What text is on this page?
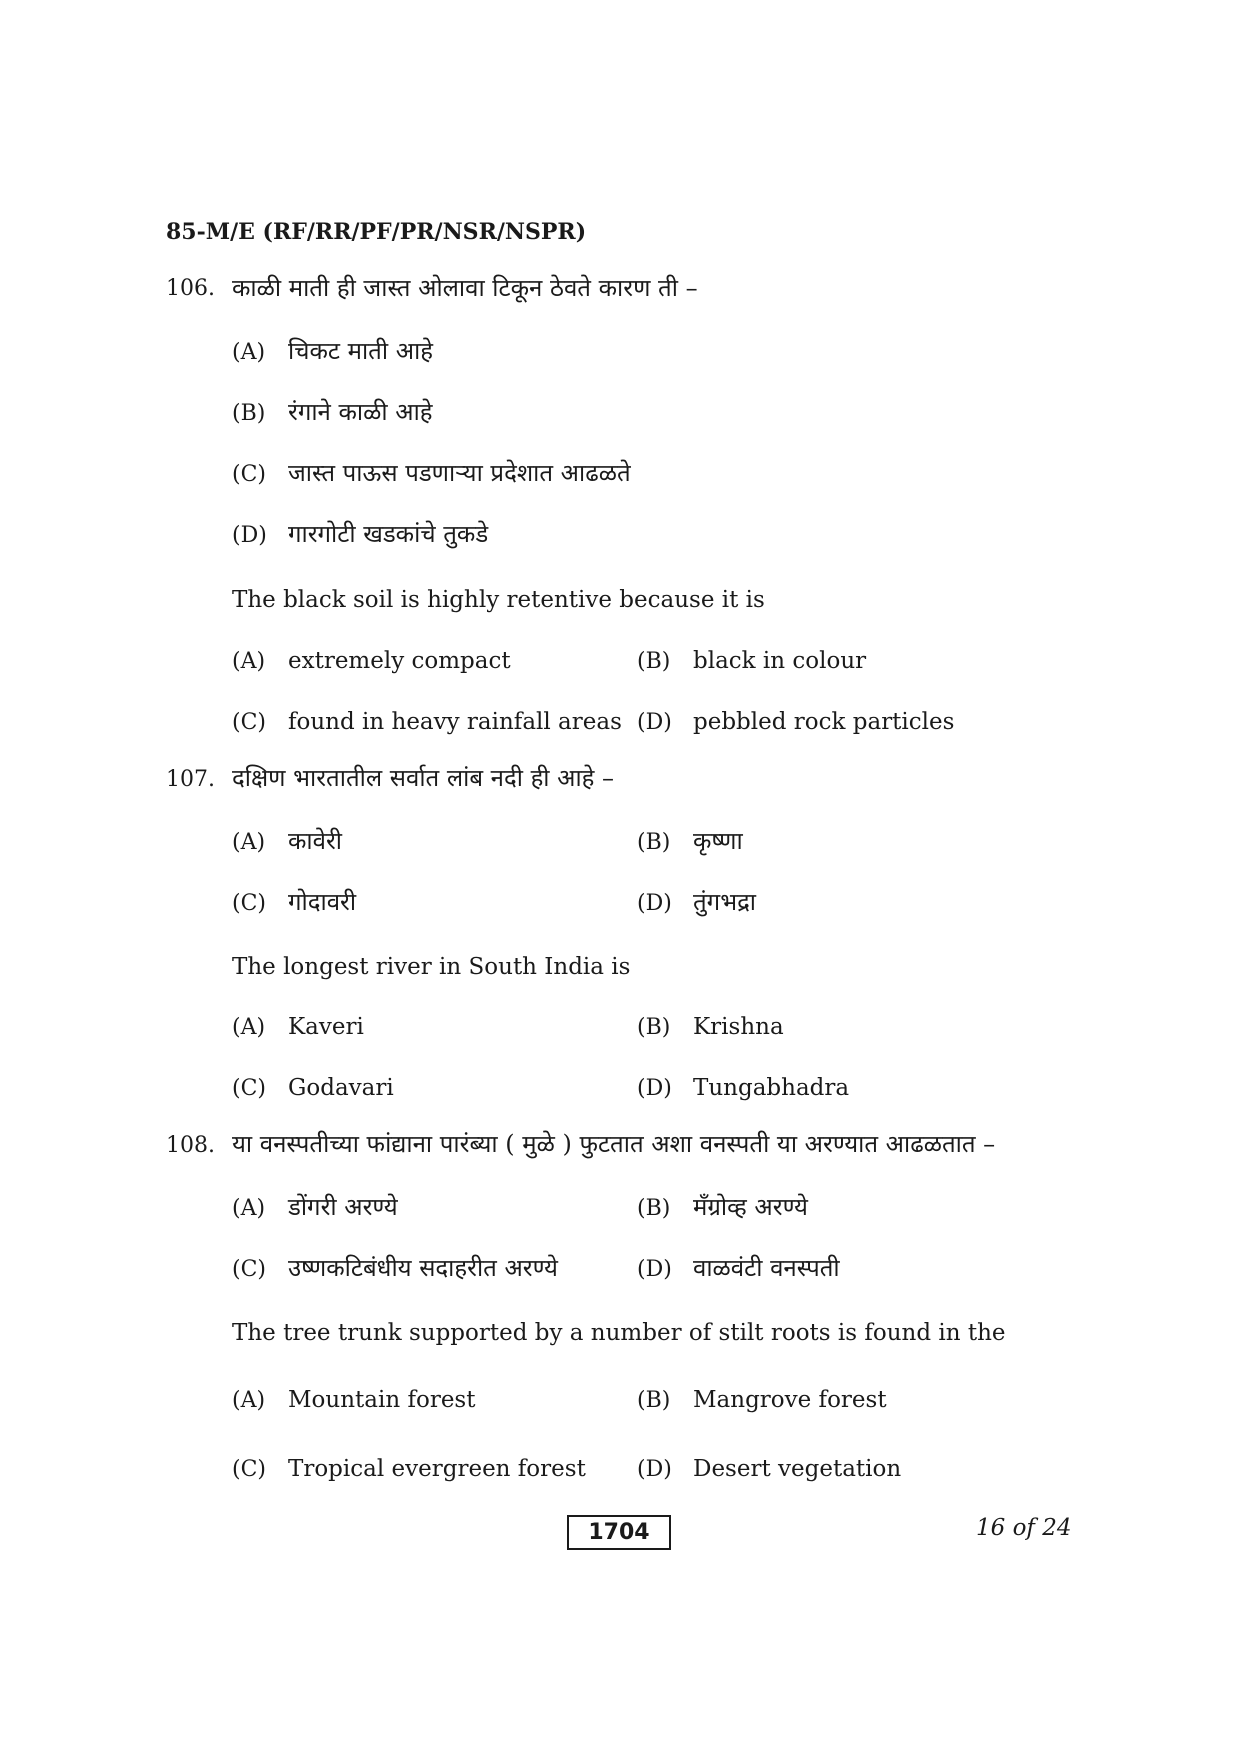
85-M/E (RF/RR/PF/PR/NSR/NSPR)
106. काळी माती ही जास्त ओलावा टिकून ठेवते कारण ती –
(A) चिकट माती आहे
(B) रंगाने काळी आहे
(C) जास्त पाऊस पडणाऱ्या प्रदेशात आढळते
(D) गारगोटी खडकांचे तुकडे
The black soil is highly retentive because it is
(A) extremely compact	(B) black in colour
(C) found in heavy rainfall areas (D) pebbled rock particles
107. दक्षिण भारतातील सर्वात लांब नदी ही आहे –
(A) कावेरी	(B) कृष्णा
(C) गोदावरी	(D) तुंगभद्रा
The longest river in South India is
(A) Kaveri	(B) Krishna
(C) Godavari	(D) Tungabhadra
108. या वनस्पतीच्या फांद्याना पारंब्या ( मुळे ) फुटतात अशा वनस्पती या अरण्यात आढळतात –
(A) डोंगरी अरण्ये	(B) मँग्रोव्ह अरण्ये
(C) उष्णकटिबंधीय सदाहरीत अरण्ये	(D) वाळवंटी वनस्पती
The tree trunk supported by a number of stilt roots is found in the
(A) Mountain forest	(B) Mangrove forest
(C) Tropical evergreen forest (D) Desert vegetation
1704	16 of 24
